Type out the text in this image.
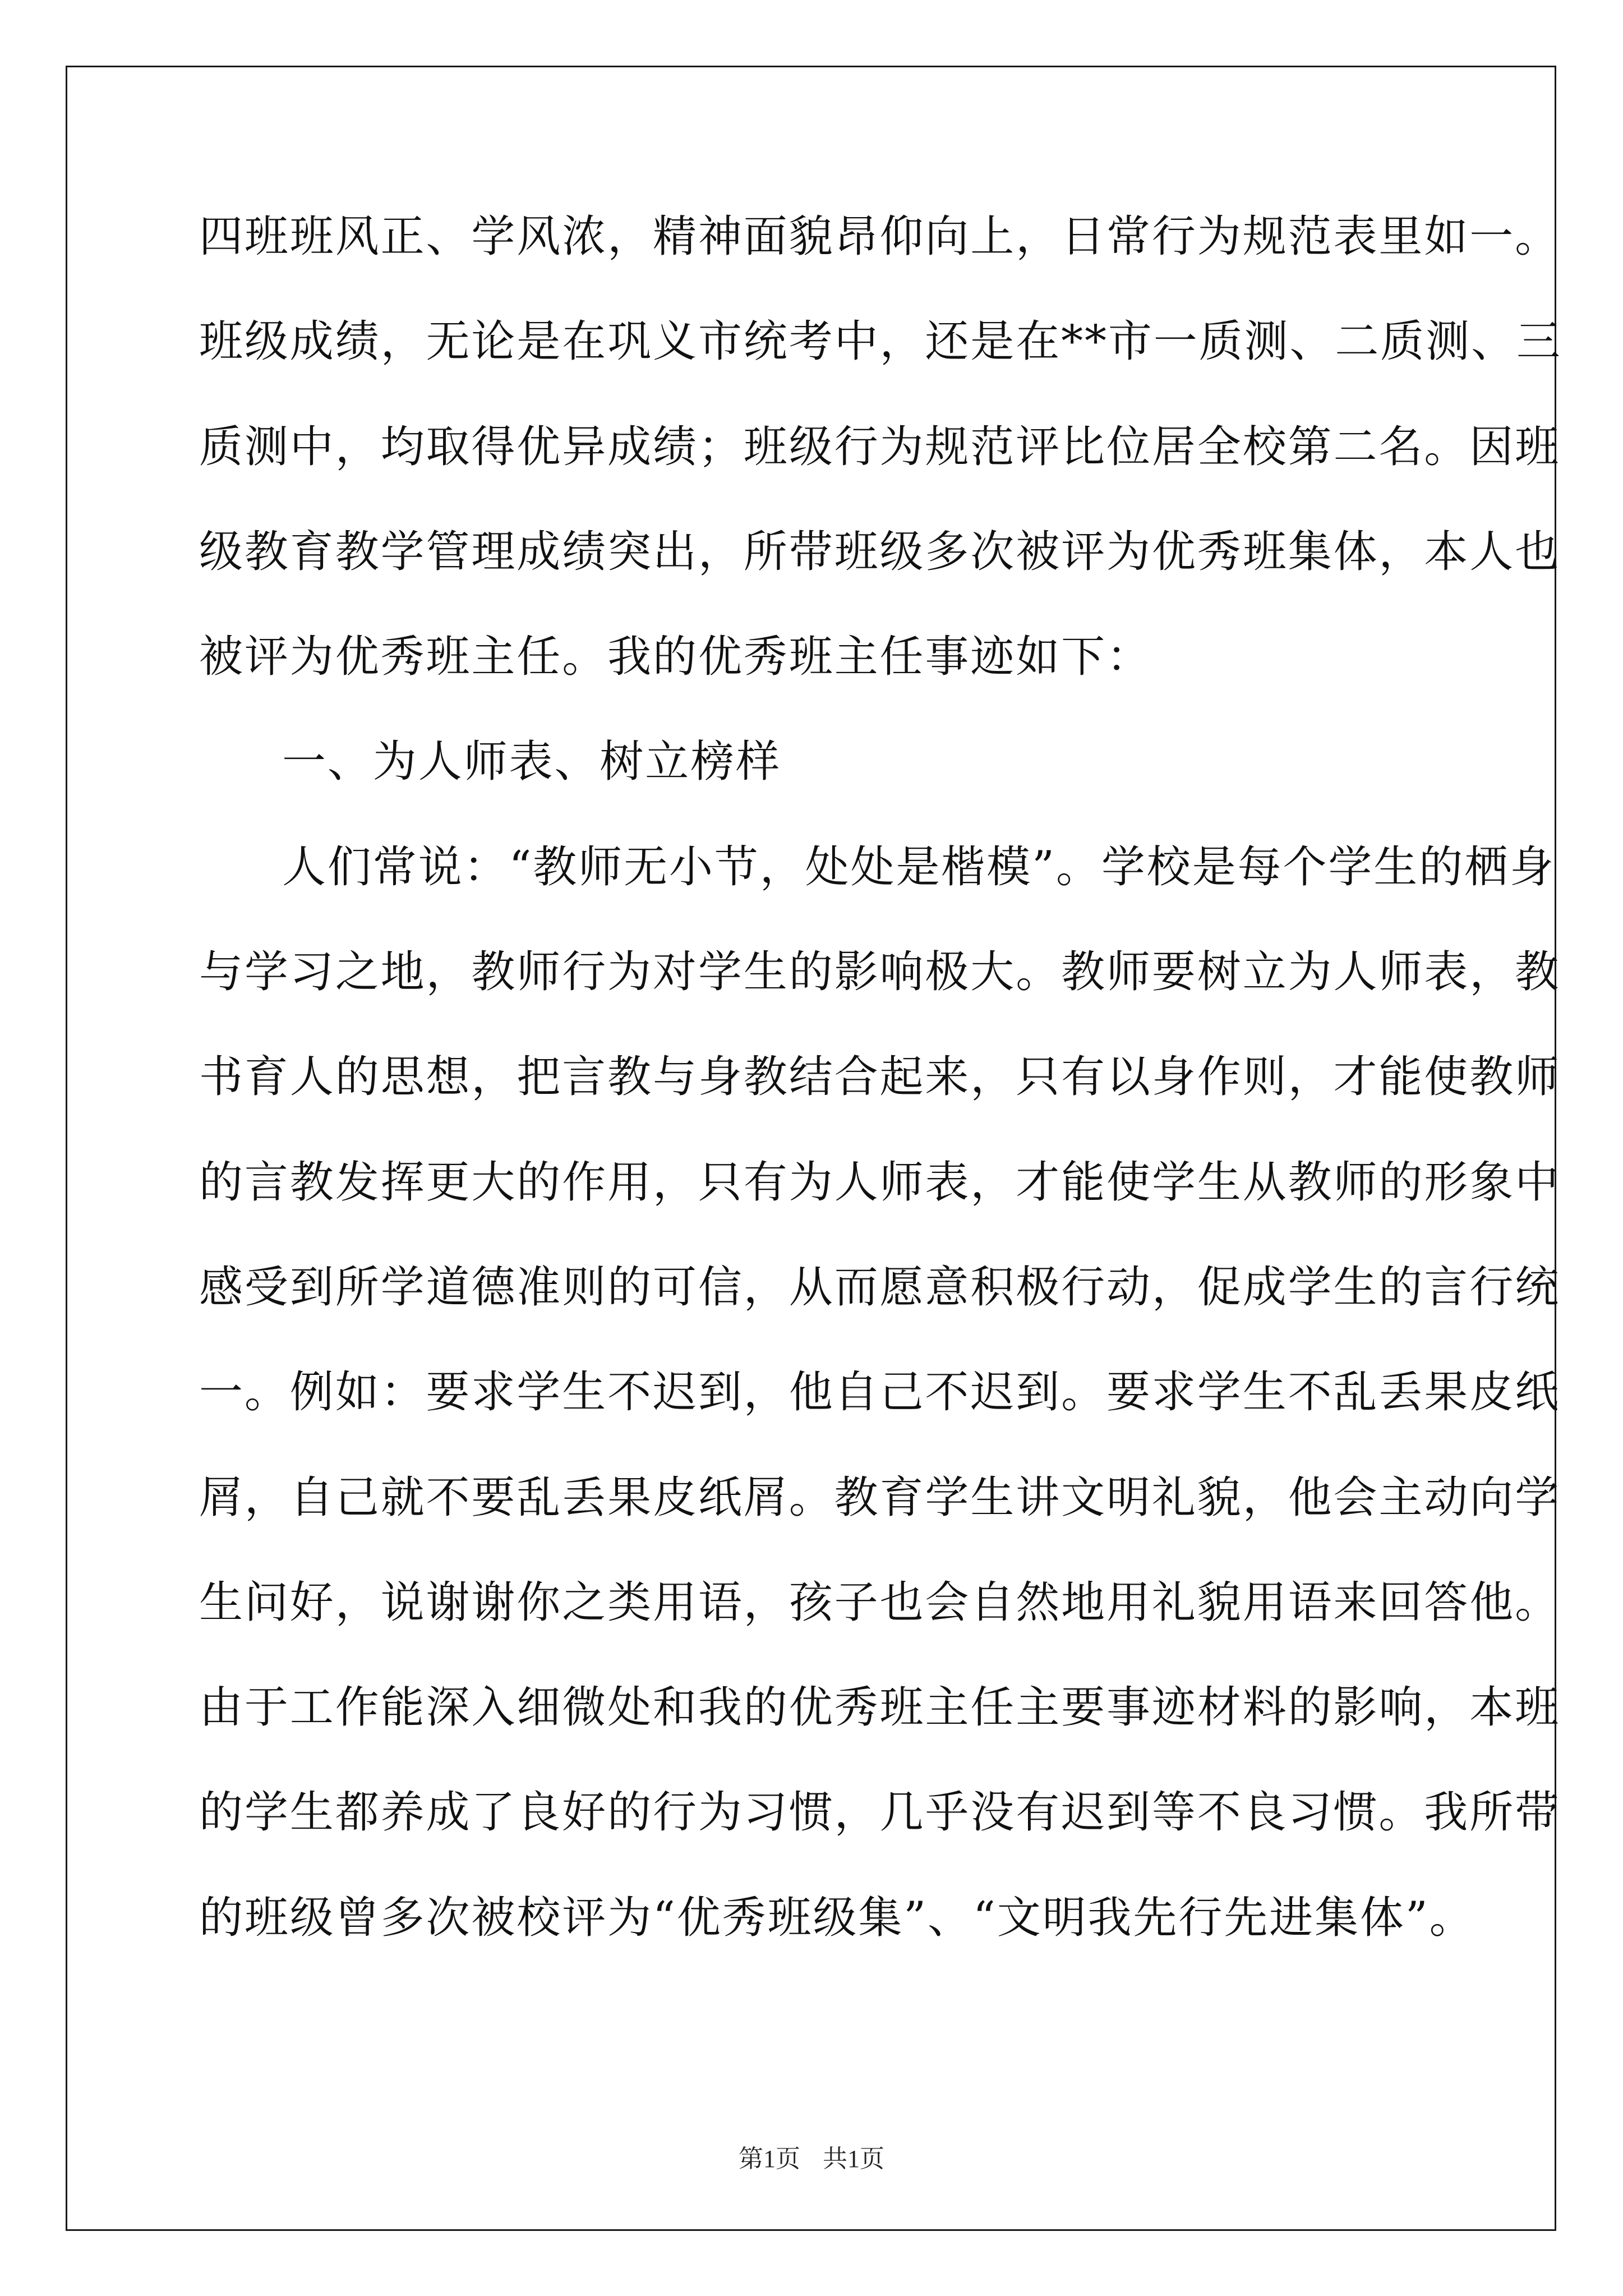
四班班风正、学风浓，精神面貌昂仰向上，日常行为规范表里如一。
班级成绩，无论是在巩义市统考中，还是在**市一质测、二质测、三
质测中，均取得优异成绩；班级行为规范评比位居全校第二名。因班
级教育教学管理成绩突出，所带班级多次被评为优秀班集体，本人也
被评为优秀班主任。我的优秀班主任事迹如下：
一、为人师表、树立榜样
人们常说：“教师无小节，处处是楷模”。学校是每个学生的栖身
与学习之地，教师行为对学生的影响极大。教师要树立为人师表，教
书育人的思想，把言教与身教结合起来，只有以身作则，才能使教师
的言教发挥更大的作用，只有为人师表，才能使学生从教师的形象中
感受到所学道德准则的可信，从而愿意积极行动，促成学生的言行统
一。例如：要求学生不迟到，他自己不迟到。要求学生不乱丢果皮纸
屑，自己就不要乱丢果皮纸屑。教育学生讲文明礼貌，他会主动向学
生问好，说谢谢你之类用语，孩子也会自然地用礼貌用语来回答他。
由于工作能深入细微处和我的优秀班主任主要事迹材料的影响，本班
的学生都养成了良好的行为习惯，几乎没有迟到等不良习惯。我所带
的班级曾多次被校评为“优秀班级集”、“文明我先行先进集体”。
第1页 共1页
